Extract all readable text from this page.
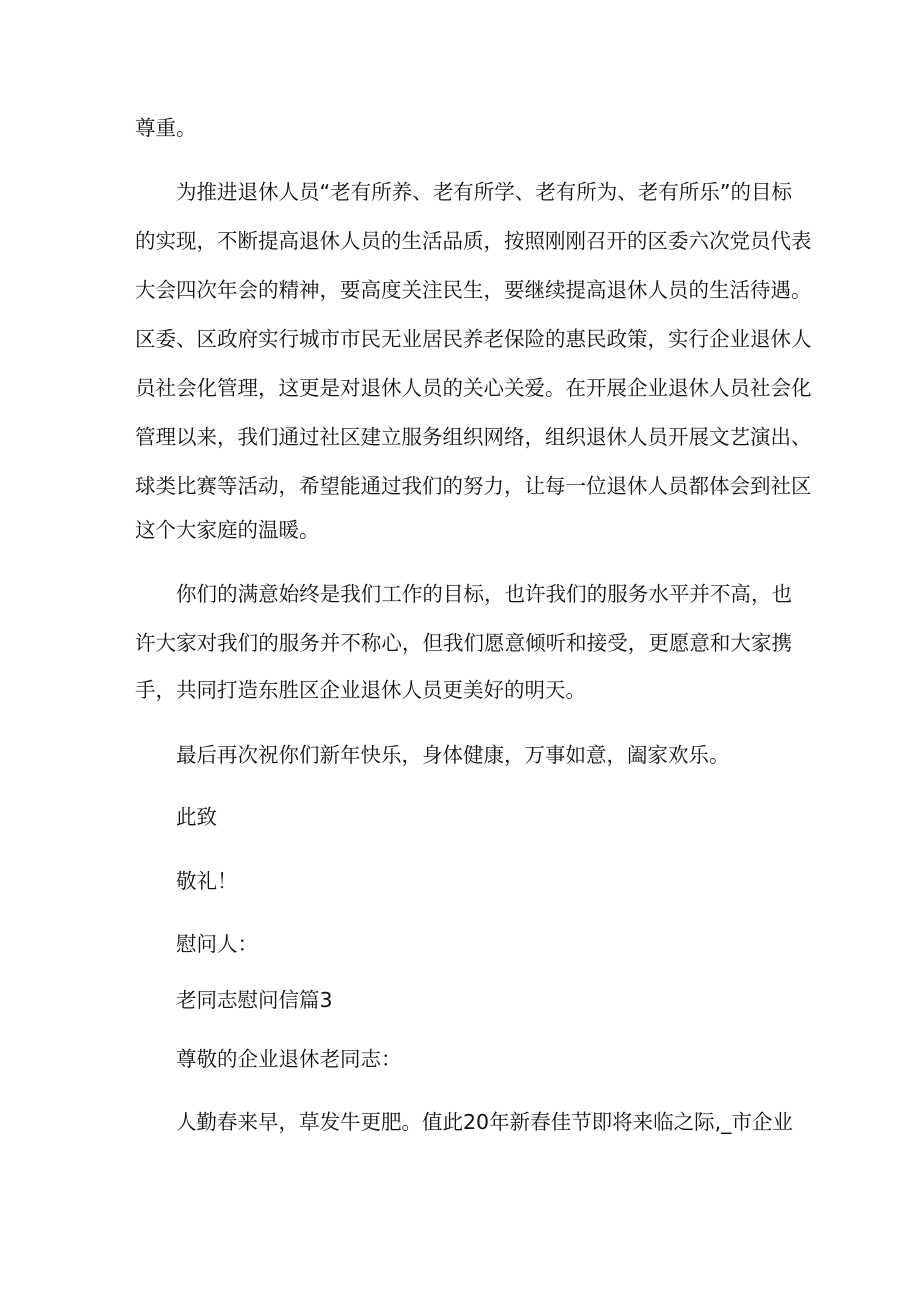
尊重。
为推进退休人员“老有所养、老有所学、老有所为、老有所乐”的目标
的实现，不断提高退休人员的生活品质，按照刚刚召开的区委六次党员代表
大会四次年会的精神，要高度关注民生，要继续提高退休人员的生活待遇。
区委、区政府实行城市市民无业居民养老保险的惠民政策，实行企业退休人
员社会化管理，这更是对退休人员的关心关爱。在开展企业退休人员社会化
管理以来，我们通过社区建立服务组织网络，组织退休人员开展文艺演出、
球类比赛等活动，希望能通过我们的努力，让每一位退休人员都体会到社区
这个大家庭的温暖。
你们的满意始终是我们工作的目标，也许我们的服务水平并不高，也
许大家对我们的服务并不称心，但我们愿意倾听和接受，更愿意和大家携
手，共同打造东胜区企业退休人员更美好的明天。
最后再次祝你们新年快乐，身体健康，万事如意，阖家欢乐。
此致
敬礼！
慰问人：
老同志慰问信篇3
尊敬的企业退休老同志：
人勤春来早，草发牛更肥。值此20年新春佳节即将来临之际,_市企业
